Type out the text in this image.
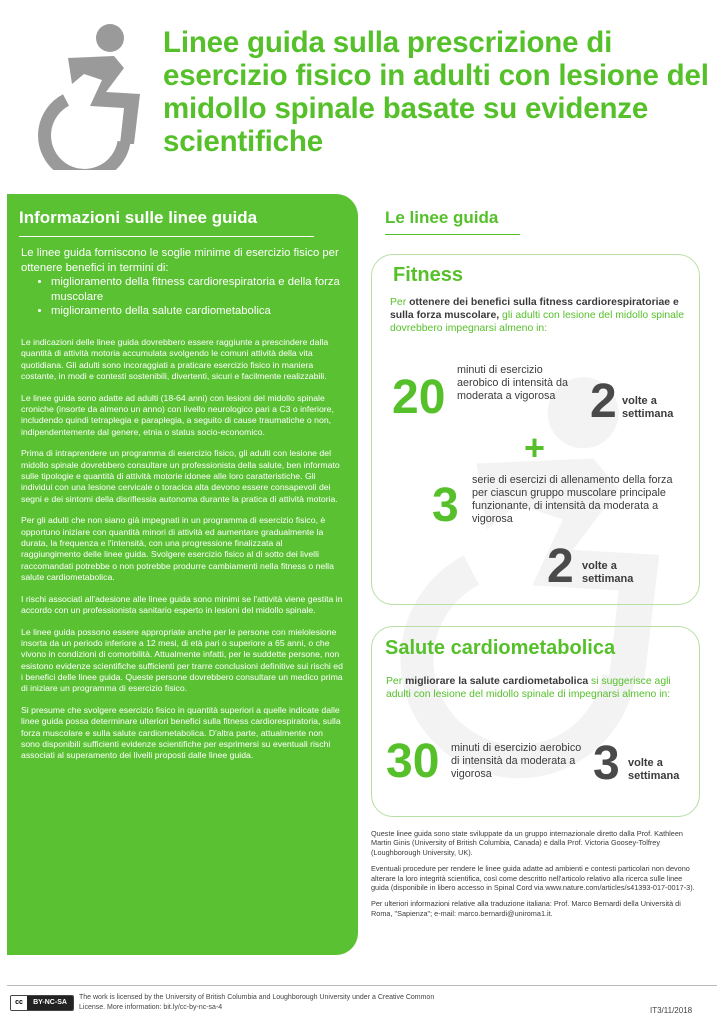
Linee guida sulla prescrizione di esercizio fisico in adulti con lesione del midollo spinale basate su evidenze scientifiche
Informazioni sulle linee guida
Le linee guida forniscono le soglie minime di esercizio fisico per ottenere benefici in termini di:
• miglioramento della fitness cardiorespiratoria e della forza muscolare
• miglioramento della salute cardiometabolica

Le indicazioni delle linee guida dovrebbero essere raggiunte a prescindere dalla quantità di attività motoria accumulata svolgendo le comuni attività della vita quotidiana. Gli adulti sono incoraggiati a praticare esercizio fisico in maniera costante, in modi e contesti sostenibili, divertenti, sicuri e facilmente realizzabili.

Le linee guida sono adatte ad adulti (18-64 anni) con lesioni del midollo spinale croniche (insorte da almeno un anno) con livello neurologico pari a C3 o inferiore, includendo quindi tetraplegia e paraplegia, a seguito di cause traumatiche o non, indipendentemente dal genere, etnia o status socio-economico.

Prima di intraprendere un programma di esercizio fisico, gli adulti con lesione del midollo spinale dovrebbero consultare un professionista della salute, ben informato sulle tipologie e quantità di attività motorie idonee alle loro caratteristiche. Gli individui con una lesione cervicale o toracica alta devono essere consapevoli dei segni e dei sintomi della disriflessia autonoma durante la pratica di attività motoria.

Per gli adulti che non siano già impegnati in un programma di esercizio fisico, è opportuno iniziare con quantità minori di attività ed aumentare gradualmente la durata, la frequenza e l'intensità, con una progressione finalizzata al raggiungimento delle linee guida. Svolgere esercizio fisico al di sotto dei livelli raccomandati potrebbe o non potrebbe produrre cambiamenti nella fitness o nella salute cardiometabolica.

I rischi associati all'adesione alle linee guida sono minimi se l'attività viene gestita in accordo con un professionista sanitario esperto in lesioni del midollo spinale.

Le linee guida possono essere appropriate anche per le persone con mielolesione insorta da un periodo inferiore a 12 mesi, di età pari o superiore a 65 anni, o che vivono in condizioni di comorbilità. Attualmente infatti, per le suddette persone, non esistono evidenze scientifiche sufficienti per trarre conclusioni definitive sui rischi ed i benefici delle linee guida. Queste persone dovrebbero consultare un medico prima di iniziare un programma di esercizio fisico.

Si presume che svolgere esercizio fisico in quantità superiori a quelle indicate dalle linee guida possa determinare ulteriori benefici sulla fitness cardiorespiratoria, sulla forza muscolare e sulla salute cardiometabolica. D'altra parte, attualmente non sono disponibili sufficienti evidenze scientifiche per esprimersi su eventuali rischi associati al superamento dei livelli proposti dalle linee guida.

Le linee guida
Fitness
Per ottenere dei benefici sulla fitness cardiorespiratoriae e sulla forza muscolare, gli adulti con lesione del midollo spinale dovrebbero impegnarsi almeno in:
20
minuti di esercizio aerobico di intensità da moderata a vigorosa 2 volte a settimana
+
3 serie di esercizi di allenamento della forza per ciascun gruppo muscolare principale funzionante, di intensità da moderata a vigorosa
2 volte a settimana
Salute cardiometabolica
Per migliorare la salute cardiometabolica si suggerisce agli adulti con lesione del midollo spinale di impegnarsi almeno in:
30 minuti di esercizio aerobico di intensità da moderata a vigorosa	3 volte a settimana

Queste linee guida sono state sviluppate da un gruppo internazionale diretto dalla Prof. Kathleen Martin Ginis (University of British Columbia, Canada) e dalla Prof. Victoria Goosey-Tolfrey (Loughborough University, UK).

Eventuali procedure per rendere le linee guida adatte ad ambienti e contesti particolari non devono alterare la loro integrità scientifica, così come descritto nell'articolo relativo alla ricerca sulle linee guida (disponibile in libero accesso in Spinal Cord via www.nature.com/articles/s41393-017-0017-3).

Per ulteriori informazioni relative alla traduzione italiana: Prof. Marco Bernardi della Università di Roma, "Sapienza"; e-mail: marco.bernardi@uniroma1.it.

cc	BY-NC-SA
The work is licensed by the University of British Columbia and Loughborough University under a Creative Common License. More information: bit.ly/cc-by-nc-sa-4	IT3/11/2018
